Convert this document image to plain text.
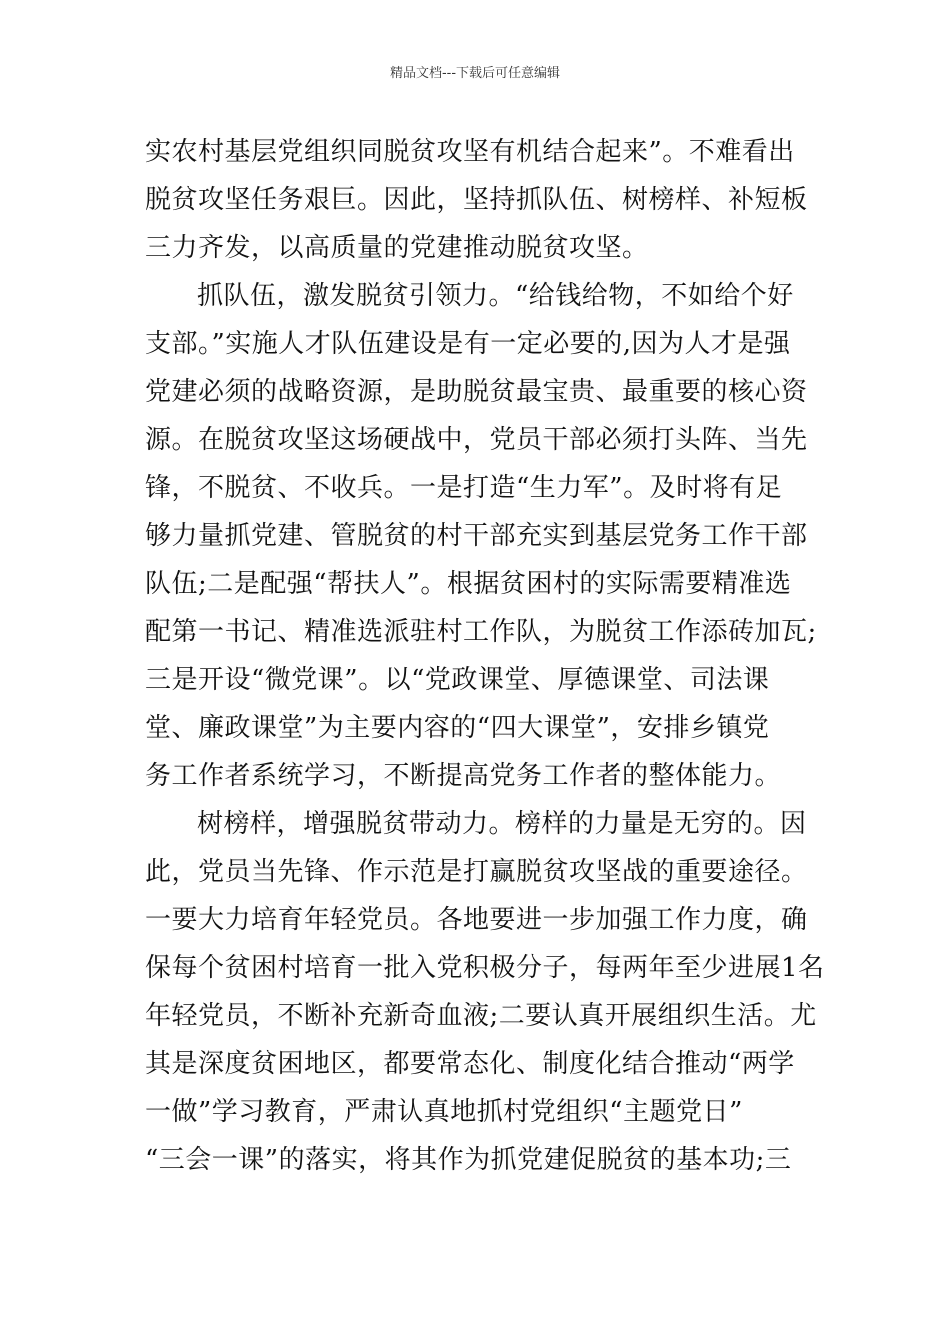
精品文档---下载后可任意编辑
实农村基层党组织同脱贫攻坚有机结合起来”。不难看出
脱贫攻坚任务艰巨。因此，坚持抓队伍、树榜样、补短板
三力齐发，以高质量的党建推动脱贫攻坚。
抓队伍，激发脱贫引领力。“给钱给物，不如给个好
支部。”实施人才队伍建设是有一定必要的,因为人才是强
党建必须的战略资源，是助脱贫最宝贵、最重要的核心资
源。在脱贫攻坚这场硬战中，党员干部必须打头阵、当先
锋，不脱贫、不收兵。一是打造“生力军”。及时将有足
够力量抓党建、管脱贫的村干部充实到基层党务工作干部
队伍;二是配强“帮扶人”。根据贫困村的实际需要精准选
配第一书记、精准选派驻村工作队，为脱贫工作添砖加瓦;
三是开设“微党课”。以“党政课堂、厚德课堂、司法课
堂、廉政课堂”为主要内容的“四大课堂”，安排乡镇党
务工作者系统学习，不断提高党务工作者的整体能力。
树榜样，增强脱贫带动力。榜样的力量是无穷的。因
此，党员当先锋、作示范是打赢脱贫攻坚战的重要途径。
一要大力培育年轻党员。各地要进一步加强工作力度，确
保每个贫困村培育一批入党积极分子，每两年至少进展1名
年轻党员，不断补充新奇血液;二要认真开展组织生活。尤
其是深度贫困地区，都要常态化、制度化结合推动“两学
一做”学习教育，严肃认真地抓村党组织“主题党日”
“三会一课”的落实，将其作为抓党建促脱贫的基本功;三
